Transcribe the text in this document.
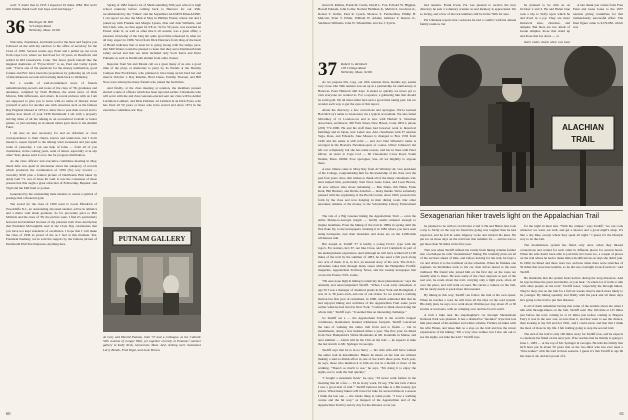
well: "I doubt that in 1935 I expected I'd make 1982. But we're still ballsin, thank God! Just hope well and happy."

36 Harlinger M. Hill
52 Lehigh Road
Wellesley, Mass. 02181

Welcome, classmates, and thank you for the most and forgive you followed on me with my election to the office of secretary for the Class of 1936. Several weeks ago, Peter and I pulled up our roots from Cape Cod, where we had lived for 10 years, in Deerfield, and settled in Old Greenwich, Conn. The fewer griefs behold like the happiest memories of "Pryre-Won't" to us, Paul and Cathy Lynch said, "You're one of the questions for the money nomination, good fortune and Eric have been the proprietors by gathering up all sorts of miscellaneous records and tracking them back to Wellesley.

Not a wealth of well-documented news of friends remembrancing-records and notes of the class of '36, graduates and attendees, compiled by Noth Holbren, the serial news of Dick Morton, Mik Jeffersonn, and others. In recent pictures with us I am not supposed to give you to leave with no name of interest about yourself or prior for another one with ourselves such as the famous Ray England blessed at 1974 to allow me to post their record and to outline how much of your 1936 Dartmouth I am with a properly striving mine of all the talking in an economical football or better games, or just reaching us in annual tables gave more to the Alumni Fund.

I am sure an also necessary for and an offerman or class correspondence to their cheers, knows and unknowns, but I don't intend to repeat myself to the talking what awakened and just spite some of yesterday. I can one help of folks — from all of you classmates, in the coming years, send of letters, especially or in any other 'Year, please send it on to me for progress distribution.

As the class officers' and executive committee meeting in May, much time was spent in discussion about the adequacy of records which produced the continuation of 1936 (So) way toward — currently $100 plus a framed picture of Dartmouth Hall taken by Andy Gell '71, son of Jesse M. Gell. It was the consensus of those present that this ought a great attraction of Fellowship, Bequest, and Vigil and the Mid fund or pocket.

Generated by the outstanding male student, to assure a symbol of prestige that a financial gain.

The award for the class of 1980 went to Louis Pfundrich of Woodcliffe N.J., an outstanding all-round student, active in athletics and a metro cum laude graduate. So for procedure prior to Phil McInnis and the class of '36, the picture went. I find it's particularly honored and indebted because of my pleasure both class description that President McLaughlin read at the Class Day ceremonies that you have not kept standards of excellence. I hope that I will make the class of 1936 as proud of me as I feel at this moment. Yes, President Kemeny, we've sold the support by the famous picture of Dartmouth Hall that impresses anything here.

Spring of 1982 found a lot of Shem attending 50th year school or high school reunions before coming back to Hanover for our 45th, recommended by the "Times" and the September ALUMNI MAGAZINE. I can report we also the Mutt at May in Phillips Exeter, where Jon and I joined up with Frankie and Margie Lynsta, Don and Jean Williams, and Jim Clark, who, as class agent for P.E.A. '32 for 50 years, was awarded an Exeter chair. It, as well as other like it all around, was a great affair; a pleasant reviewing of the long but quite good time rehearsed in what we all may expect in 1986. Word from Dick Durrance from ding-of the heart of Brazil indicates that at least he is going strong with the tempo pace. Our Milt Waters would be pleased to learn that they serve Dartmouth ham safely served and that our table included only Scott Kerrs and Dave Putnams as well as Dartmouth alumni from other classes.

Reporter from Six and Mount call on a great many of us also a good time of the plays or memories to party by its friends at the Destiny Campus Pete Fredrichers, who planned to have hung up his hard hat and mascot October 1, Ray Rinaldo, Brad Chase, Tommy Thorsen, and Bill Noss were among the many friends who joined the festivities.

And finally, at the class meeting at reunion, the members present elected a slate of officers which has been reported earlier. Classmates who will serve with me and class veterans-elected sent our class will be Arthur Larrimore Lambert, and Dick Perlman. Al Lambert in an Dick Farsa, who has lived all 50 years or more who have served and since 1974 in the executive committee are: Ray-

PUTNAM GALLERY
Al Grey and Harold Putnam, both '37 and a colleague, at the Catholic 50th reunion of Longer Hall, yet together recently at Putnams' summer gallery in Kelly Neck, Gloucester, Mass. Also visiting were classmates Larry Bondo, Fred Voget, and Leon Brown.
60

mond D. Rallins, Frank M. Curtis, David L. Fox, Edward W. Higgins, Harold Putnam, John Coller, Norbert Hellman Jr., Melvin S. Jacobson Jr., Robert T. Keller, Paul R. Lynch, Monroe S. Fetcherthau, Phillip H. Malcom, Peter T. Prime, William W. Adams, Gilmore T. Reeves Jr., Seldmore Williams, John W. Winemiller, and Joe J. Sylvia.

37 Robert G. Reinhart
103 College Road
Wellesley, Mass. 02181

As we prepare this copy, our 45th reunion these months ago seems very close. Our 50th reunion was set up as a partnership for anniversary at Hanover, Peter Haltwolt dull days. It ended so quickly we never got to visit everyone we wanted to. For a reporter, a gathering like that should be solid gold. We all must either had such a good time taking part, but we wonder each way to get the eyes of this report.

About the directory, a few corrections and apologies. We've learned Bob McCoy's name to Gloucester via a typical accountant. We also failed McGinley of 11 Loudon-cas and is now with Herbert S. Newman Associates, Architects, 300 York Street, New Haven, Conn. 06511; phone (203) 772-1990. He and his staff there had however went to historical buildings and in Japan, now Leiter one. Also classmates with 37 reunion Vega, Ross, and Edwards. Jake Mosser is changed to Box 1536 from 1946 and his name is still John — and Joe! Dan Wheeler's name is wronged in the Boston's Newman-spots of course. Oliver Johnson's list left our completely, but she has some reason, told her in lines with Peter Oliver, on leave to Cape Cod — 60 Cheoakotte Cross Road, South Dennis, Mass. 02660. Poor apologies, Sue, all we mightily to anyone there.

A nice tribute came to Mary Ray from Al Winship '42, vice president of the College, congratulating him for his leadership of the class over the past four years. Also, Jim wishes to thank all of the many classmates who have helped him, particularly Tom Noel, Gene Jones, and Leon Brown, all now retired. Also those remaining — Ben Dunn, Jim Hahn, Ernie Kent, Bill Buckert, and Richie Altschul — many thanks. We're extremely pleased with the organizing of the Booth Corner, since 1903, protected in form by the class and now hanging in their dining room. Our other newsmen remains at the money to the Scholarship Library Endowment

had reunion. Frank Irwin. Pat was pleased to receive the new directory he sent a voluntary scanner as real memory is appreciated. We so Irving, and a few of the real numbers still be in the '50th for sure.

Pat Ulmanek reports that cookware he had a conflict with his annual family reunion, but

he planned to be with us on October 2 and 3. He and Helen Jane took a trip to Sicily upon which he and lived in a joy. They are more historical sites, churches, and temples. But there are two kinds of Greek temples, those that stand up and those that lay down — or

that's pretty much what you hear

A late thank you comes from Fran Fenn and Gene Jones to the 1937 reunion giving committee for that tremendously successful effort. The final figure came to $179,082, which was

Sexagenarian hiker travels light on the Appalachian Trail

The tale of a Big Greener hiking the Appalachian Trail — even the entire Maine-to-Georgia length — hardly seems unusual enough to inspire headlines. Even the hiking of the trail in 1980s in spring until the first flake fly, to the newspapers crushing it in 1982 where you have seen using backpacks over their shoulders and stoke are on the 2,000-mile wilderness trail.

But Joseph A. Tardiff '37 is hardly a young D.O.C. type with the logo's. For starters, he's 67, not like Clare, and Carl Campbell, in part of his undergraduate experience. And although he will have walked all 2,100 miles of the trail by the summer of 1983, he has used a full pack along two acts of them. It is, in fact, an unusual story of his own. The D.O.C. adventure takes him through many states while the Hampshire Prolific magazine, Appalachian Trailway News, and the weekly newspaper that covers his Exeter, N.H., home.

"He uses none high in hiking is relatively more phenomenon," says the annually and unaccompanied Tardiff. "When I took early retirement at age 59 I was a manager of chemical plants in New York and Bolingfeld, I was 21 to 38 years each, and one of our oldest. So we started a walking motion but first year of retirement, in 1980, which reminded him that he had enjoyed hiking and activities of the Appalachian Trail some years earlier when he had lived in New York. "I started to think about doing the whole trail," Tardiff says. "It seemed like an interesting challenge."

So Tardiff set a — the Appalachian Trail is the world's longest continuous, maintained, marked wilderness footpath. Tardiff conceived the idea of walking the entire trail from end to finish — but in installments, doing a few hundred miles a year. The first year, he hiked from New Hampshire's White Mountains in Mt. Katahdin in Maine, and next summer — which will be his 15th on the trail — he expects to hike the last stretch to Mt. Springer in Georgia.

Tardiff says that he is in no hurry — his wife wife-will have walked the entire trail in installments. Hikers he meets on the trail are without making a start-to-finish effort in one of the trail's three parts. Each year, he says, those who mention it to him are lost in a month or more of the walking. "There's so much to see," he says. "I'm doing it to enjoy the sights, not to walk the trail quickly."

"I bought a mountain fresh," he says, "I'd never walk farther in the morning that all a few — I'd be in my work. I'd say, 'The last twin 2 kilos I saw a good deal of trail.'" Tardiff believes his hike is a 60s bounty gas prices. When many hikers will travel for hike for several miles in a season I think the last one — the whole thing at some point. "I love a walking course and the hit way," as mapped of the Appalachian and of the Appalachian Trail by and by day for the distance cover yet.

be planned to be with us on October 2 and 3. He and Helen Jane took a trip to Sicily on the way he found the going was tougher than he had expected, and he fell in some slippery rocks and twisted his knee. He put ice on those days on the trail later that summer for — and he was to get more than 50 miles in the first year.

That was when Tardiff refined his totally fresh hiking scheme further into a technique he calls "modularness" hiking. He carefully plots out all of the sections ahead of time, and before leaving for the trail, he buys a car and drives it to the trailhead on the schedule. When he finishes one segment, he hitchhikes back to his car, then drives ahead to the next trailhead. His friend who joined him on the first day on the route are usually able to share. He uses some of the clear outposts as part of the real rest, he reads about the trail, carrying only a light pack, often all over the place, and will walk on steel. He carries a camera on the trail, but he rarely needs to pack more than needed.

By hiking in this way, Tardiff can follow the trail at his own speed. When he reaches a road, he will have all the trips on the road system. His daily plan, he says, is to walk about 18 miles per day, about 25 or 30 in nine or ten hours, with no camping over and the food is solid.

A trail a hike near his stepdaughter's car through Shenandoah National Park was planned. It has a distinctive "modular" style that lets him plan ahead of his summer and winter scheme. Further, he hikes with his wife Helen, and takes him as a stop on the trail and has the nicest experiences of his hiking. "I'm a very slow walker, but I also am out to see the sights, not hike the trail," Tardiff says.

for the night in their tent. "With the camper," says Tardiff, "we can cook whatever we want, eat well, and get a shower and a good night's sleep. It's like a day hike, except where they spent all night." I guess it's the lifestyle way to do the trail.

The modularness system has failed only once, when they missed connections and waited for each other in different places for several hours. When his wife hasn't been able to join him, he's been too, a couple of places on the trail where he had to make minor modifications on days she didn't join. In 1982, he hiked and there were two sections when there were stretches of 50 miles that were inaccessible, so he did one overnight in such section," said Tardiff.

He maintains that his system beats hollow during the long distances. And he says he likes the great and shelter, as you hear. "A whole lot of trails to talk with other people on the trail," Tardiff notes, "especially the through hikers. They're busy, but on the trail for a full six weeks, they're much more likely to be younger. By hiking speedily and firmly with his pack and all these days he's going to the trail to put that distance.

Is all of them remember having met some of the notable about me when I talk with through-hikers on the trail. Tardiff said. The 100 mile at 125 miles just before the trail, coming in at 10 miles just before coming to Harpers Ferry it was in the new one, no less than it, and that went to see the chance, then looking at my fall and hot 1991, and I could swear and that that I think the most of those in my life. I felt trailing going to step the second trail.

The end of the trail is only 160 miles away for Tardiff now, and he expects to celebrate his finish on his next year. If he reaches that he mainly is going to June 1, 1983 — at the top of Mt. Springer in Georgia. He tells the family that he'll have put in about 50 years that as the two-third who has ever been a "thru-walker" with his trail in three seasons. I guess it's that Tardiff at age 66 has done it all, and he's proud of it.

ALACHIAN
TRAIL
61
